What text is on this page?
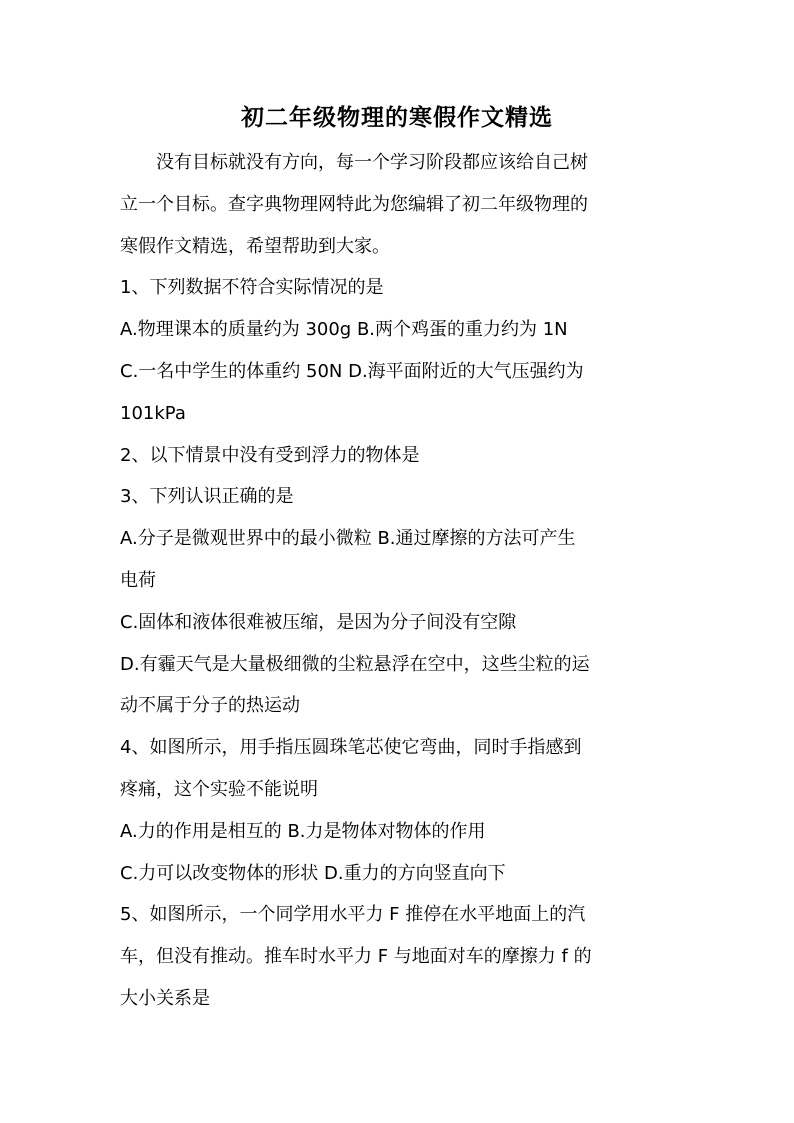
初二年级物理的寒假作文精选
没有目标就没有方向，每一个学习阶段都应该给自己树
立一个目标。查字典物理网特此为您编辑了初二年级物理的
寒假作文精选，希望帮助到大家。
1、下列数据不符合实际情况的是
A.物理课本的质量约为 300g B.两个鸡蛋的重力约为 1N
C.一名中学生的体重约 50N D.海平面附近的大气压强约为
101kPa
2、以下情景中没有受到浮力的物体是
3、下列认识正确的是
A.分子是微观世界中的最小微粒 B.通过摩擦的方法可产生
电荷
C.固体和液体很难被压缩，是因为分子间没有空隙
D.有霾天气是大量极细微的尘粒悬浮在空中，这些尘粒的运
动不属于分子的热运动
4、如图所示，用手指压圆珠笔芯使它弯曲，同时手指感到
疼痛，这个实验不能说明
A.力的作用是相互的 B.力是物体对物体的作用
C.力可以改变物体的形状 D.重力的方向竖直向下
5、如图所示，一个同学用水平力 F 推停在水平地面上的汽
车，但没有推动。推车时水平力 F 与地面对车的摩擦力 f 的
大小关系是
